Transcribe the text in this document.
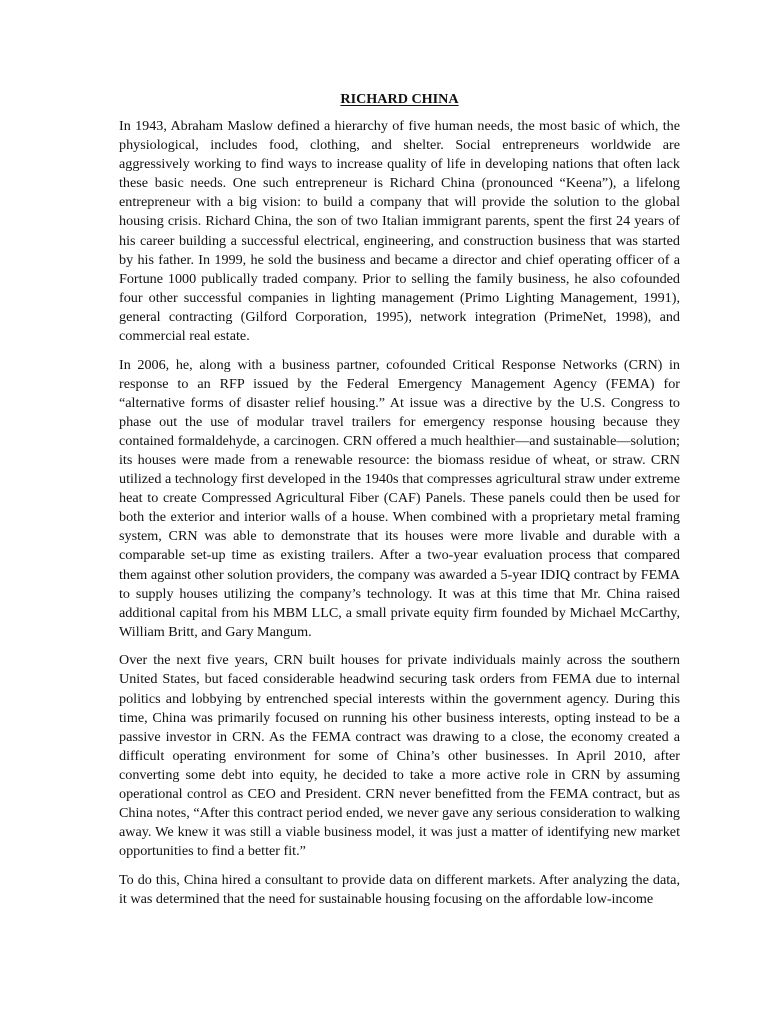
RICHARD CHINA

In 1943, Abraham Maslow defined a hierarchy of five human needs, the most basic of which, the physiological, includes food, clothing, and shelter. Social entrepreneurs worldwide are aggressively working to find ways to increase quality of life in developing nations that often lack these basic needs. One such entrepreneur is Richard China (pronounced “Keena”), a lifelong entrepreneur with a big vision: to build a company that will provide the solution to the global housing crisis. Richard China, the son of two Italian immigrant parents, spent the first 24 years of his career building a successful electrical, engineering, and construction business that was started by his father. In 1999, he sold the business and became a director and chief operating officer of a Fortune 1000 publically traded company. Prior to selling the family business, he also cofounded four other successful companies in lighting management (Primo Lighting Management, 1991), general contracting (Gilford Corporation, 1995), network integration (PrimeNet, 1998), and commercial real estate.

In 2006, he, along with a business partner, cofounded Critical Response Networks (CRN) in response to an RFP issued by the Federal Emergency Management Agency (FEMA) for “alternative forms of disaster relief housing.” At issue was a directive by the U.S. Congress to phase out the use of modular travel trailers for emergency response housing because they contained formaldehyde, a carcinogen. CRN offered a much healthier—and sustainable—solution; its houses were made from a renewable resource: the biomass residue of wheat, or straw. CRN utilized a technology first developed in the 1940s that compresses agricultural straw under extreme heat to create Compressed Agricultural Fiber (CAF) Panels. These panels could then be used for both the exterior and interior walls of a house. When combined with a proprietary metal framing system, CRN was able to demonstrate that its houses were more livable and durable with a comparable set-up time as existing trailers. After a two-year evaluation process that compared them against other solution providers, the company was awarded a 5-year IDIQ contract by FEMA to supply houses utilizing the company’s technology. It was at this time that Mr. China raised additional capital from his MBM LLC, a small private equity firm founded by Michael McCarthy, William Britt, and Gary Mangum.

Over the next five years, CRN built houses for private individuals mainly across the southern United States, but faced considerable headwind securing task orders from FEMA due to internal politics and lobbying by entrenched special interests within the government agency. During this time, China was primarily focused on running his other business interests, opting instead to be a passive investor in CRN. As the FEMA contract was drawing to a close, the economy created a difficult operating environment for some of China’s other businesses. In April 2010, after converting some debt into equity, he decided to take a more active role in CRN by assuming operational control as CEO and President. CRN never benefitted from the FEMA contract, but as China notes, “After this contract period ended, we never gave any serious consideration to walking away. We knew it was still a viable business model, it was just a matter of identifying new market opportunities to find a better fit.”

To do this, China hired a consultant to provide data on different markets. After analyzing the data, it was determined that the need for sustainable housing focusing on the affordable low-income
